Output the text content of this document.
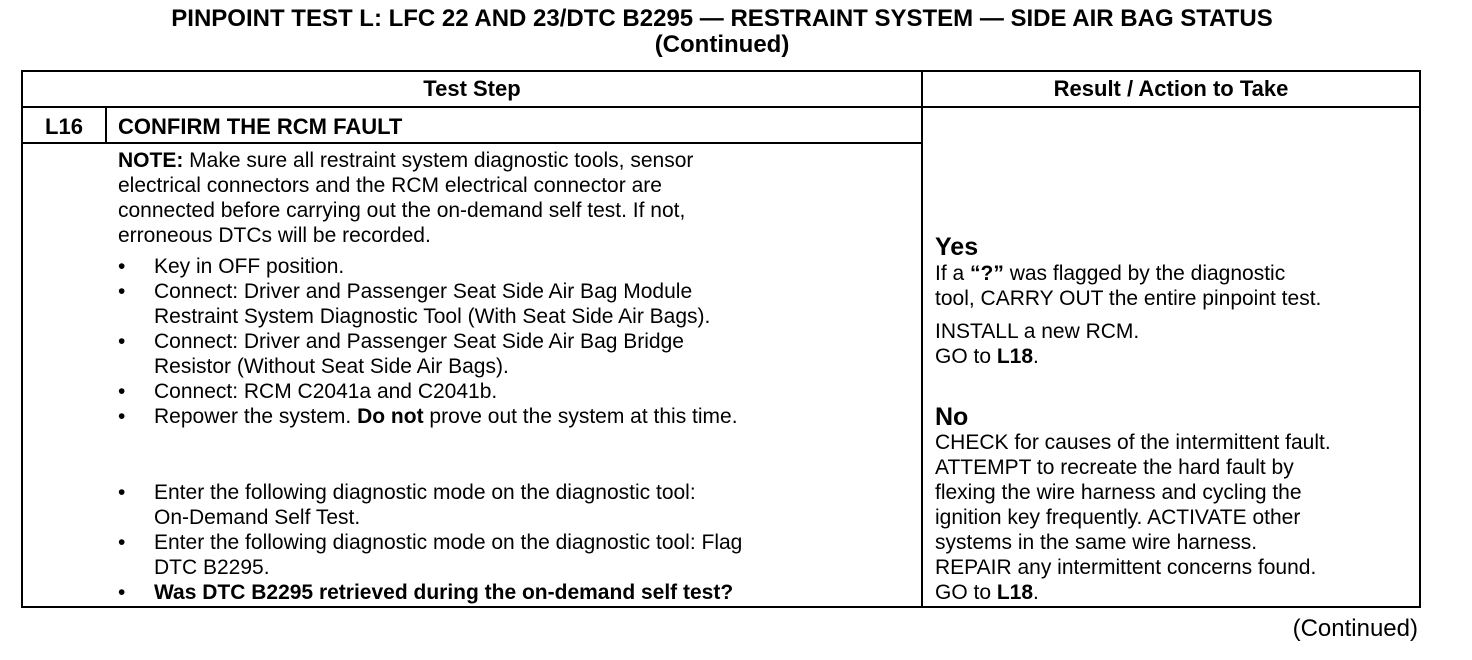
PINPOINT TEST L: LFC 22 AND 23/DTC B2295 — RESTRAINT SYSTEM — SIDE AIR BAG STATUS
(Continued)
Test Step	Result / Action to Take
L16	CONFIRM THE RCM FAULT
NOTE: Make sure all restraint system diagnostic tools, sensor
electrical connectors and the RCM electrical connector are
connected before carrying out the on-demand self test. If not,
erroneous DTCs will be recorded.
• Key in OFF position.
• Connect: Driver and Passenger Seat Side Air Bag Module
Restraint System Diagnostic Tool (With Seat Side Air Bags).
• Connect: Driver and Passenger Seat Side Air Bag Bridge
Resistor (Without Seat Side Air Bags).
• Connect: RCM C2041a and C2041b.
• Repower the system. Do not prove out the system at this time.
• Enter the following diagnostic mode on the diagnostic tool:
On-Demand Self Test.
• Enter the following diagnostic mode on the diagnostic tool: Flag
DTC B2295.
• Was DTC B2295 retrieved during the on-demand self test?
Yes
If a “?” was flagged by the diagnostic
tool, CARRY OUT the entire pinpoint test.
INSTALL a new RCM.
GO to L18.
No
CHECK for causes of the intermittent fault.
ATTEMPT to recreate the hard fault by
flexing the wire harness and cycling the
ignition key frequently. ACTIVATE other
systems in the same wire harness.
REPAIR any intermittent concerns found.
GO to L18.
(Continued)
